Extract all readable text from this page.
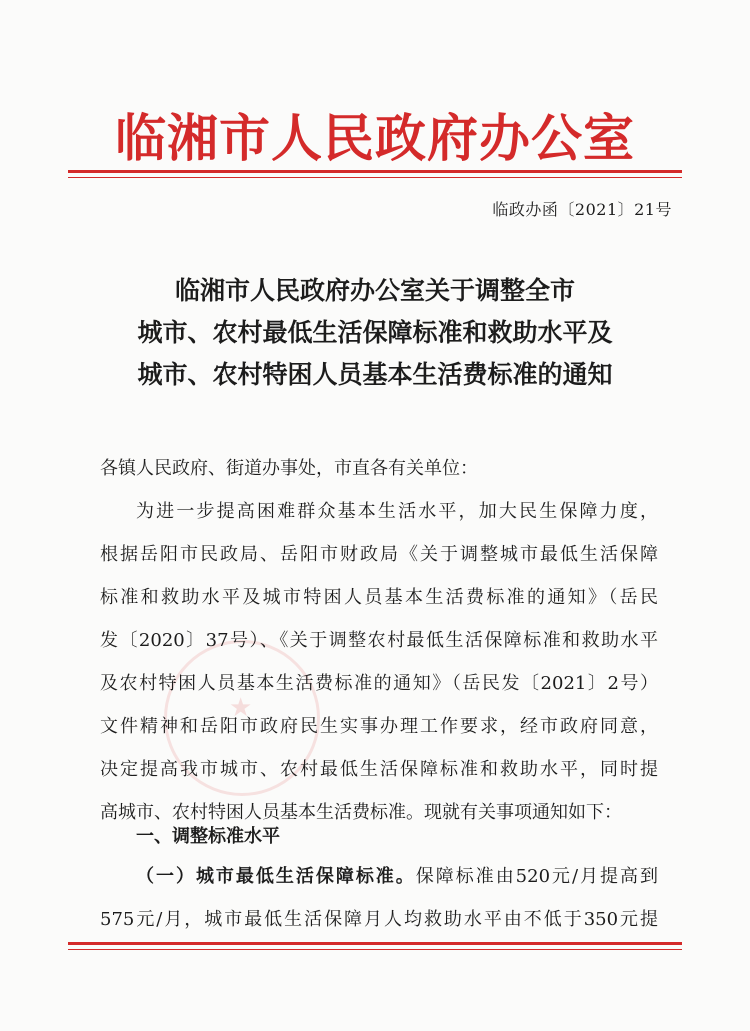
★
临湘市人民政府办公室
临政办函〔2021〕21号
临湘市人民政府办公室关于调整全市
城市、农村最低生活保障标准和救助水平及
城市、农村特困人员基本生活费标准的通知
各镇人民政府、街道办事处，市直各有关单位：
为进一步提高困难群众基本生活水平，加大民生保障力度，
根据岳阳市民政局、岳阳市财政局《关于调整城市最低生活保障
标准和救助水平及城市特困人员基本生活费标准的通知》（岳民
发〔2020〕37号）、《关于调整农村最低生活保障标准和救助水平
及农村特困人员基本生活费标准的通知》（岳民发〔2021〕2号）
文件精神和岳阳市政府民生实事办理工作要求，经市政府同意，
决定提高我市城市、农村最低生活保障标准和救助水平，同时提
高城市、农村特困人员基本生活费标准。现就有关事项通知如下：
一、调整标准水平
（一）城市最低生活保障标准。保障标准由520元/月提高到
575元/月，城市最低生活保障月人均救助水平由不低于350元提
